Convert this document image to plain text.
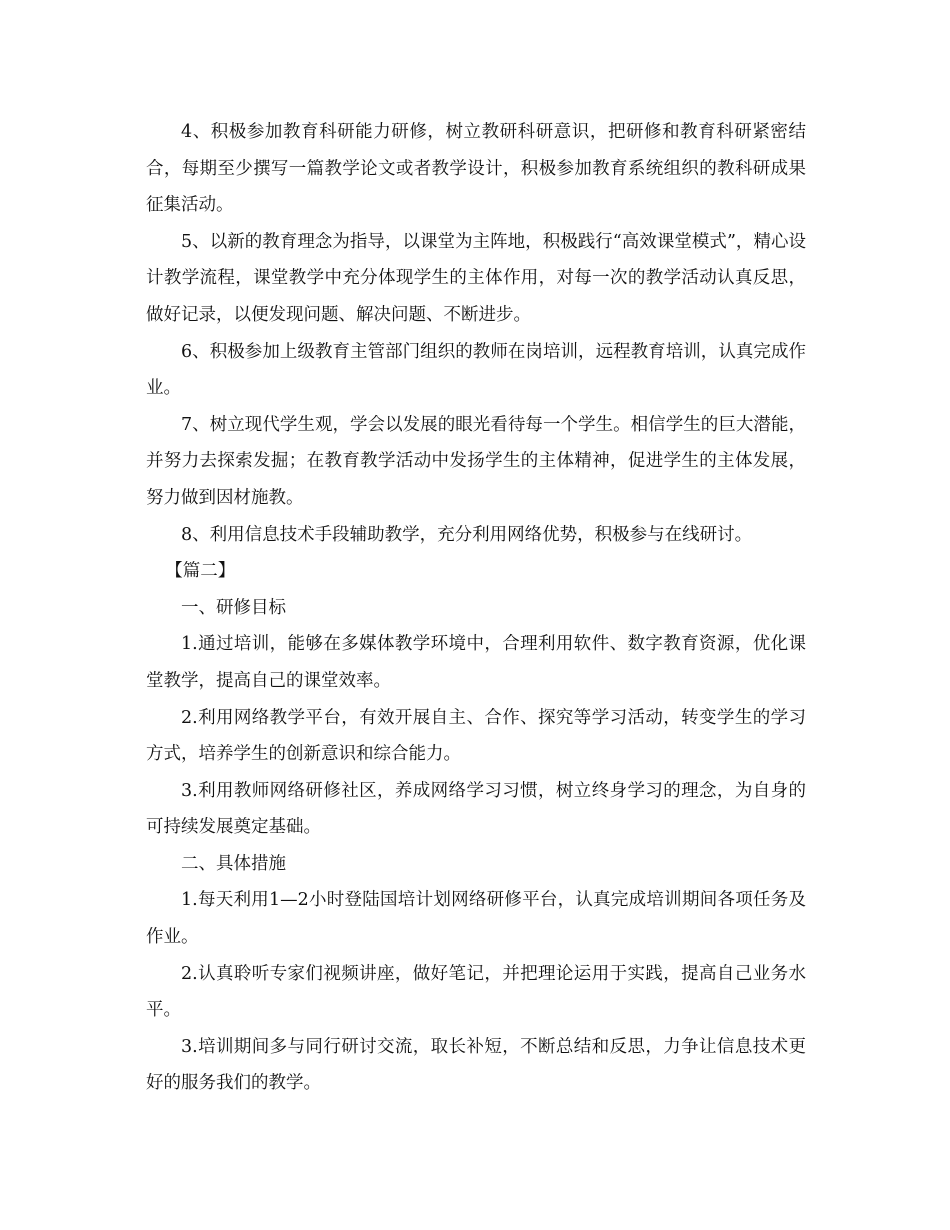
4、积极参加教育科研能力研修，树立教研科研意识，把研修和教育科研紧密结合，每期至少撰写一篇教学论文或者教学设计，积极参加教育系统组织的教科研成果征集活动。

5、以新的教育理念为指导，以课堂为主阵地，积极践行“高效课堂模式”，精心设计教学流程，课堂教学中充分体现学生的主体作用，对每一次的教学活动认真反思，做好记录，以便发现问题、解决问题、不断进步。

6、积极参加上级教育主管部门组织的教师在岗培训，远程教育培训，认真完成作业。

7、树立现代学生观，学会以发展的眼光看待每一个学生。相信学生的巨大潜能，并努力去探索发掘；在教育教学活动中发扬学生的主体精神，促进学生的主体发展，努力做到因材施教。

8、利用信息技术手段辅助教学，充分利用网络优势，积极参与在线研讨。

【篇二】

一、研修目标

1.通过培训，能够在多媒体教学环境中，合理利用软件、数字教育资源，优化课堂教学，提高自己的课堂效率。

2.利用网络教学平台，有效开展自主、合作、探究等学习活动，转变学生的学习方式，培养学生的创新意识和综合能力。

3.利用教师网络研修社区，养成网络学习习惯，树立终身学习的理念，为自身的可持续发展奠定基础。

二、具体措施

1.每天利用1—2小时登陆国培计划网络研修平台，认真完成培训期间各项任务及作业。

2.认真聆听专家们视频讲座，做好笔记，并把理论运用于实践，提高自己业务水平。

3.培训期间多与同行研讨交流，取长补短，不断总结和反思，力争让信息技术更好的服务我们的教学。
